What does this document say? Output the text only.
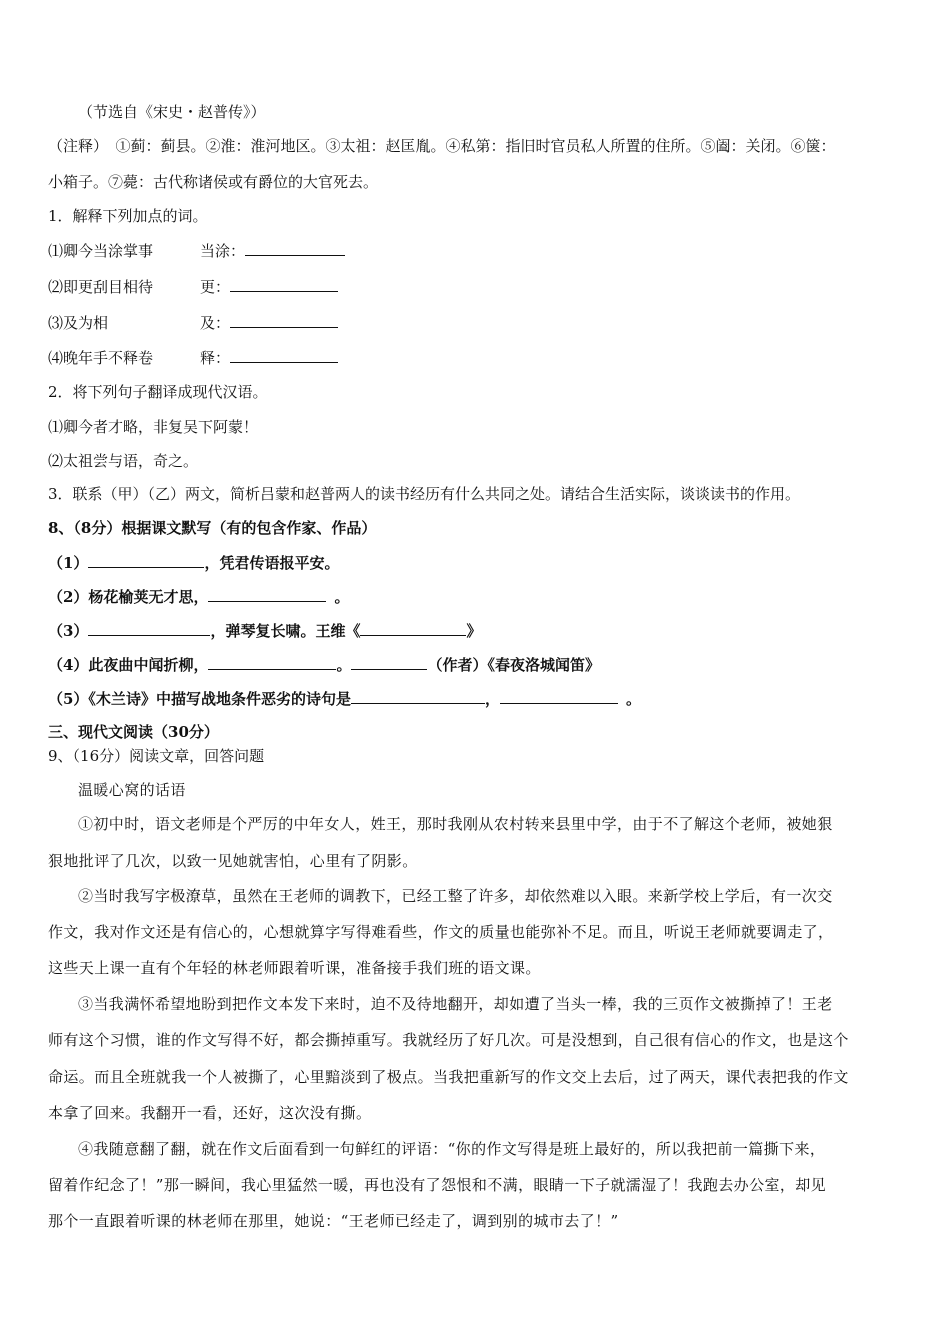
（节选自《宋史・赵普传》）
（注释）　①蓟：蓟县。②淮：淮河地区。③太祖：赵匡胤。④私第：指旧时官员私人所置的住所。⑤阖：关闭。⑥箧：
小箱子。⑦薨：古代称诸侯或有爵位的大官死去。
1．解释下列加点的词。
⑴卿今当涂掌事	当涂：
⑵即更刮目相待	更：
⑶及为相	及：
⑷晚年手不释卷	释：
2．将下列句子翻译成现代汉语。
⑴卿今者才略，非复吴下阿蒙！
⑵太祖尝与语，奇之。
3．联系（甲）（乙）两文，简析吕蒙和赵普两人的读书经历有什么共同之处。请结合生活实际，谈谈读书的作用。
8、（8分）根据课文默写（有的包含作家、作品）
（1）	，凭君传语报平安。
（2）杨花榆荚无才思，	。
（3）	，弹琴复长啸。王维《	》
（4）此夜曲中闻折柳，	。	（作者）《春夜洛城闻笛》
（5）《木兰诗》中描写战地条件恶劣的诗句是	，	。
三、现代文阅读（30分）
9、（16分）阅读文章，回答问题
温暖心窝的话语
①初中时，语文老师是个严厉的中年女人，姓王，那时我刚从农村转来县里中学，由于不了解这个老师，被她狠
狠地批评了几次，以致一见她就害怕，心里有了阴影。
②当时我写字极潦草，虽然在王老师的调教下，已经工整了许多，却依然难以入眼。来新学校上学后，有一次交
作文，我对作文还是有信心的，心想就算字写得难看些，作文的质量也能弥补不足。而且，听说王老师就要调走了，
这些天上课一直有个年轻的林老师跟着听课，准备接手我们班的语文课。
③当我满怀希望地盼到把作文本发下来时，迫不及待地翻开，却如遭了当头一棒，我的三页作文被撕掉了！王老
师有这个习惯，谁的作文写得不好，都会撕掉重写。我就经历了好几次。可是没想到，自己很有信心的作文，也是这个
命运。而且全班就我一个人被撕了，心里黯淡到了极点。当我把重新写的作文交上去后，过了两天，课代表把我的作文
本拿了回来。我翻开一看，还好，这次没有撕。
④我随意翻了翻，就在作文后面看到一句鲜红的评语：“你的作文写得是班上最好的，所以我把前一篇撕下来，
留着作纪念了！”那一瞬间，我心里猛然一暖，再也没有了怨恨和不满，眼睛一下子就濡湿了！我跑去办公室，却见
那个一直跟着听课的林老师在那里，她说：“王老师已经走了，调到别的城市去了！”
